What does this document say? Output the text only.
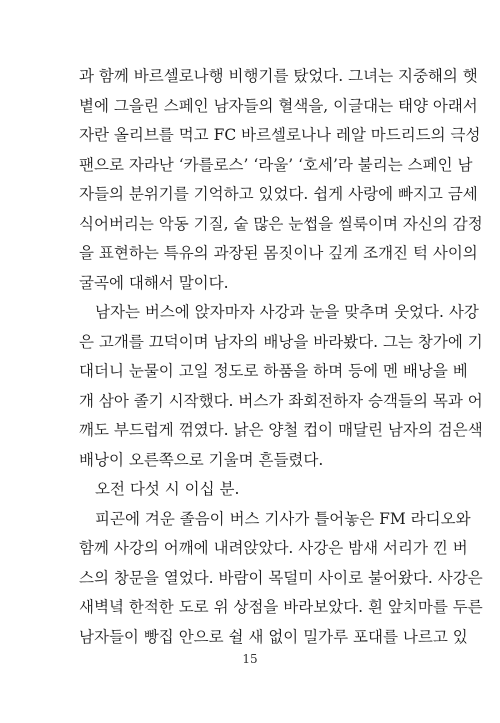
과 함께 바르셀로나행 비행기를 탔었다. 그녀는 지중해의 햇
볕에 그을린 스페인 남자들의 혈색을, 이글대는 태양 아래서
자란 올리브를 먹고 FC 바르셀로나나 레알 마드리드의 극성
팬으로 자라난 ‘카를로스’ ‘라울’ ‘호세’라 불리는 스페인 남
자들의 분위기를 기억하고 있었다. 쉽게 사랑에 빠지고 금세
식어버리는 악동 기질, 숱 많은 눈썹을 씰룩이며 자신의 감정
을 표현하는 특유의 과장된 몸짓이나 깊게 조개진 턱 사이의
굴곡에 대해서 말이다.
남자는 버스에 앉자마자 사강과 눈을 맞추며 웃었다. 사강
은 고개를 끄덕이며 남자의 배낭을 바라봤다. 그는 창가에 기
대더니 눈물이 고일 정도로 하품을 하며 등에 멘 배낭을 베
개 삼아 졸기 시작했다. 버스가 좌회전하자 승객들의 목과 어
깨도 부드럽게 꺾였다. 낡은 양철 컵이 매달린 남자의 검은색
배낭이 오른쪽으로 기울며 흔들렸다.
오전 다섯 시 이십 분.
피곤에 겨운 졸음이 버스 기사가 틀어놓은 FM 라디오와
함께 사강의 어깨에 내려앉았다. 사강은 밤새 서리가 낀 버
스의 창문을 열었다. 바람이 목덜미 사이로 불어왔다. 사강은
새벽녘 한적한 도로 위 상점을 바라보았다. 흰 앞치마를 두른
남자들이 빵집 안으로 쉴 새 없이 밀가루 포대를 나르고 있
15
